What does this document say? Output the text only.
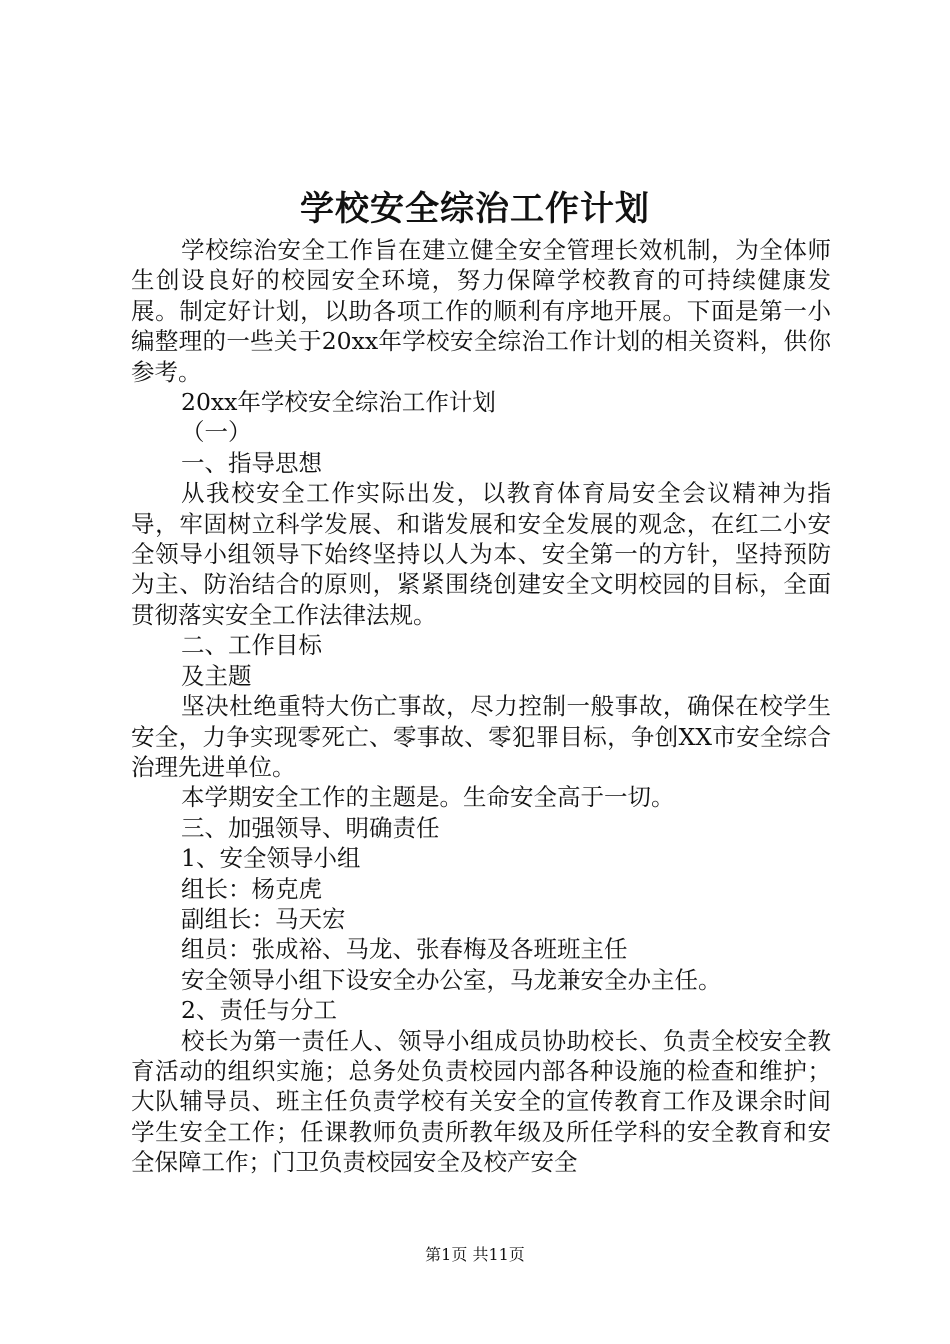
学校安全综治工作计划

学校综治安全工作旨在建立健全安全管理长效机制，为全体师生创设良好的校园安全环境，努力保障学校教育的可持续健康发展。制定好计划，以助各项工作的顺利有序地开展。下面是第一小编整理的一些关于20xx年学校安全综治工作计划的相关资料，供你参考。

20xx年学校安全综治工作计划

（一）

一、指导思想

从我校安全工作实际出发，以教育体育局安全会议精神为指导，牢固树立科学发展、和谐发展和安全发展的观念，在红二小安全领导小组领导下始终坚持以人为本、安全第一的方针，坚持预防为主、防治结合的原则，紧紧围绕创建安全文明校园的目标，全面贯彻落实安全工作法律法规。

二、工作目标

及主题

坚决杜绝重特大伤亡事故，尽力控制一般事故，确保在校学生安全，力争实现零死亡、零事故、零犯罪目标，争创XX市安全综合治理先进单位。

本学期安全工作的主题是。生命安全高于一切。

三、加强领导、明确责任

1、安全领导小组

组长：杨克虎

副组长：马天宏

组员：张成裕、马龙、张春梅及各班班主任

安全领导小组下设安全办公室，马龙兼安全办主任。

2、责任与分工

校长为第一责任人、领导小组成员协助校长、负责全校安全教育活动的组织实施；总务处负责校园内部各种设施的检查和维护；大队辅导员、班主任负责学校有关安全的宣传教育工作及课余时间学生安全工作；任课教师负责所教年级及所任学科的安全教育和安全保障工作；门卫负责校园安全及校产安全

第1页 共11页
